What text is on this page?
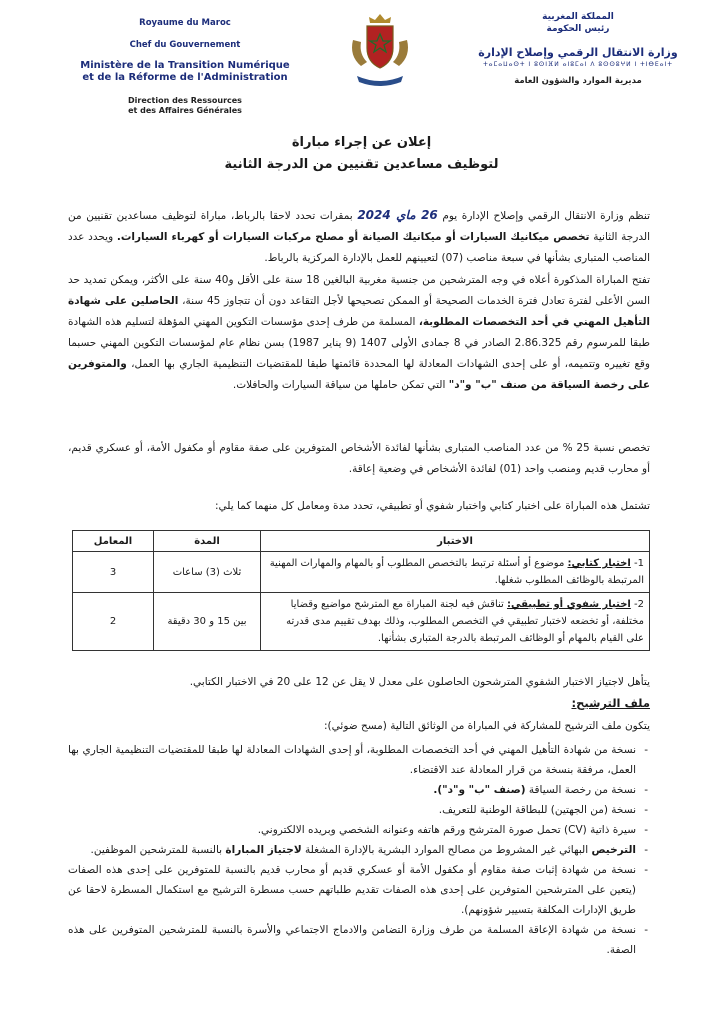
Royaume du Maroc
Chef du Gouvernement
Ministère de la Transition Numérique
et de la Réforme de l'Administration
Direction des Ressources
et des Affaires Générales
المملكة المغربية
رئيس الحكومة
وزارة الانتقال الرقمي وإصلاح الإدارة
ⵜⴰⵎⴰⵡⴰⵙⵜ ⵏ ⵓⵙⵏⴼⵍ ⴰⵏⵓⵎⴰⵏ ⴷ ⵓⵙⵙⵓⵖⵍ ⵏ ⵜⵏⴱⴹⴰⵏⵜ
مديرية الموارد والشؤون العامة
إعلان عن إجراء مباراة
لتوظيف مساعدين تقنيين من الدرجة الثانية
تنظم وزارة الانتقال الرقمي وإصلاح الإدارة يوم 26 ماي 2024 بمقرات تحدد لاحقا بالرباط، مباراة لتوظيف مساعدين تقنيين من الدرجة الثانية تخصص ميكانيك السيارات أو ميكانيك الصيانة أو مصلح مركبات السيارات أو كهرباء السيارات. ويحدد عدد المناصب المتبارى بشأنها في سبعة مناصب (07) لتعيينهم للعمل بالإدارة المركزية بالرباط.
تفتح المباراة المذكورة أعلاه في وجه المترشحين من جنسية مغربية البالغين 18 سنة على الأقل و40 سنة على الأكثر، ويمكن تمديد حد السن الأعلى لفترة تعادل فترة الخدمات الصحيحة أو الممكن تصحيحها لأجل التقاعد دون أن تتجاوز 45 سنة، الحاصلين على شهادة التأهيل المهني في أحد التخصصات المطلوبة، المسلمة من طرف إحدى مؤسسات التكوين المهني المؤهلة لتسليم هذه الشهادة طبقا للمرسوم رقم 2.86.325 الصادر في 8 جمادى الأولى 1407 (9 يناير 1987) بسن نظام عام لمؤسسات التكوين المهني حسبما وقع تغييره وتتميمه، أو على إحدى الشهادات المعادلة لها المحددة قائمتها طبقا للمقتضيات التنظيمية الجاري بها العمل، والمتوفرين على رخصة السياقة من صنف "ب" و"د" التي تمكن حاملها من سياقة السيارات والحافلات.
تخصص نسبة 25 % من عدد المناصب المتبارى بشأنها لفائدة الأشخاص المتوفرين على صفة مقاوم أو مكفول الأمة، أو عسكري قديم، أو محارب قديم ومنصب واحد (01) لفائدة الأشخاص في وضعية إعاقة.
تشتمل هذه المباراة على اختبار كتابي واختبار شفوي أو تطبيقي، تحدد مدة ومعامل كل منهما كما يلي:
الاختبار	المدة	المعامل
1- اختبار كتابي: موضوع أو أسئلة ترتبط بالتخصص المطلوب أو بالمهام والمهارات المهنية المرتبطة بالوظائف المطلوب شغلها.	ثلاث (3) ساعات	3
2- اختبار شفوي أو تطبيقي: تناقش فيه لجنة المباراة مع المترشح مواضيع وقضايا مختلفة، أو تخضعه لاختبار تطبيقي في التخصص المطلوب، وذلك بهدف تقييم مدى قدرته على القيام بالمهام أو الوظائف المرتبطة بالدرجة المتبارى بشأنها.	بين 15 و 30 دقيقة	2
يتأهل لاجتياز الاختبار الشفوي المترشحون الحاصلون على معدل لا يقل عن 12 على 20 في الاختبار الكتابي.
ملف الترشيح:
يتكون ملف الترشيح للمشاركة في المباراة من الوثائق التالية (مسح ضوئي):
- نسخة من شهادة التأهيل المهني في أحد التخصصات المطلوبة، أو إحدى الشهادات المعادلة لها طبقا للمقتضيات التنظيمية الجاري بها العمل، مرفقة بنسخة من قرار المعادلة عند الاقتضاء.
- نسخة من رخصة السياقة (صنف "ب" و"د").
- نسخة (من الجهتين) للبطاقة الوطنية للتعريف.
- سيرة ذاتية (CV) تحمل صورة المترشح ورقم هاتفه وعنوانه الشخصي وبريده الالكتروني.
- الترخيص البهائي غير المشروط من مصالح الموارد البشرية بالإدارة المشغلة لاجتياز المباراة بالنسبة للمترشحين الموظفين.
- نسخة من شهادة إثبات صفة مقاوم أو مكفول الأمة أو عسكري قديم أو محارب قديم بالنسبة للمتوفرين على إحدى هذه الصفات (يتعين على المترشحين المتوفرين على إحدى هذه الصفات تقديم طلباتهم حسب مسطرة الترشيح مع استكمال المسطرة لاحقا عن طريق الإدارات المكلفة بتسيير شؤونهم).
- نسخة من شهادة الإعاقة المسلمة من طرف وزارة التضامن والادماج الاجتماعي والأسرة بالنسبة للمترشحين المتوفرين على هذه الصفة.
